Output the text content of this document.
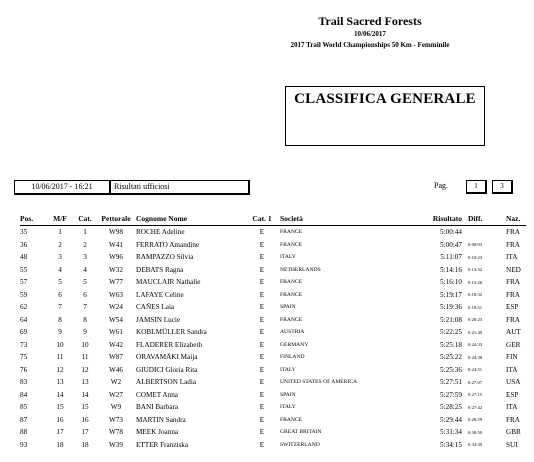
Trail Sacred Forests
10/06/2017
2017 Trail World Championships 50 Km - Femminile
CLASSIFICA GENERALE
10/06/2017 - 16:21	Risultati ufficiosi	Pag.	1	3
Pos.	M/F	Cat.	Pettorale	Cognome Nome	Cat. 1	Società	Risultato	Diff.	Naz.
35	1	1	W98	ROCHE Adeline	E	FRANCE	5:00:44		FRA
36	2	2	W41	FERRATO Amandine	E	FRANCE	5:00:47	0:00:03	FRA
48	3	3	W96	RAMPAZZO Silvia	E	ITALY	5:11:07	0:10:23	ITA
55	4	4	W32	DEBATS Ragna	E	NETHERLANDS	5:14:16	0:13:32	NED
57	5	5	W77	MAUCLAIR Nathalie	E	FRANCE	5:16:10	0:15:26	FRA
59	6	6	W63	LAFAYE Celine	E	FRANCE	5:19:17	0:18:32	FRA
62	7	7	W24	CAÑES Laia	E	SPAIN	5:19:36	0:18:51	ESP
64	8	8	W54	JAMSIN Lucie	E	FRANCE	5:21:08	0:20:23	FRA
69	9	9	W61	KOBLMÜLLER Sandra	E	AUSTRIA	5:22:25	0:21:40	AUT
73	10	10	W42	FLADERER Elizabeth	E	GERMANY	5:25:18	0:24:33	GER
75	11	11	W87	ORAVAMÄKI Maija	E	FINLAND	5:25:22	0:24:38	FIN
76	12	12	W46	GIUDICI Gloria Rita	E	ITALY	5:25:36	0:24:51	ITA
83	13	13	W2	ALBERTSON Ladia	E	UNITED STATES OF AMERICA	5:27:51	0:27:07	USA
84	14	14	W27	COMET Anna	E	SPAIN	5:27:59	0:27:15	ESP
85	15	15	W9	BANI Barbara	E	ITALY	5:28:25	0:27:42	ITA
87	16	16	W73	MARTIN Sandra	E	FRANCE	5:29:44	0:28:59	FRA
88	17	17	W78	MEEK Joanna	E	GREAT BRITAIN	5:31:34	0:30:50	GBR
93	18	18	W39	ETTER Franziska	E	SWITZERLAND	5:34:15	0:33:30	SUI
